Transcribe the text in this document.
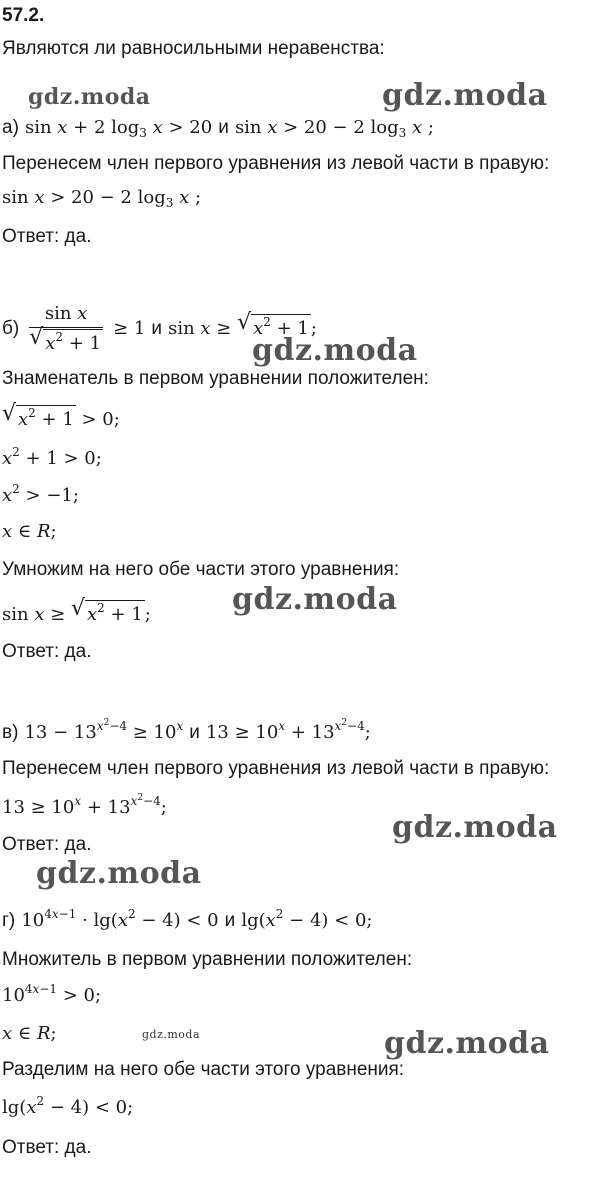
57.2.
Являются ли равносильными неравенства:
gdz.moda	gdz.moda
gdz.moda
gdz.moda
gdz.moda
gdz.moda
gdz.moda
gdz.moda
а) sin x + 2 $\log_3 x > 20$ и sin x > 20 − 2 $\log_3 x$ ;
Перенесем член первого уравнения из левой части в правую:
sin x > 20 − 2 $\log_3 x$ ;
Ответ: да.
$б) \frac{\text{sin x}}{√ x^2 + 1} \ge 1$ и sin x ≥ √ $x^2 + 1$ ;
Знаменатель в первом уравнении положителен:
√ $x^2 + 1 > 0$;
$x^2 + 1 > 0$;
$x^2 > -1$;
x ∈ R;
Умножим на него обе части этого уравнения:
sin x ≥ √ $x^2 + 1$ ;
Ответ: да.
в) $13 - 13^{x^2-4} \ge 10^x$ и $13 \ge 10^x + 13^{x^2-4}$;
Перенесем член первого уравнения из левой части в правую:
$13 \ge 10^x + 13^{x^2-4}$;
Ответ: да.
г) $10^{4x-1} \cdot \lg(x^2 - 4) < 0$ и $\lg(x^2 - 4) < 0$;
Множитель в первом уравнении положителен:
$10^{4x-1} > 0$;
x ∈ R;
Разделим на него обе части этого уравнения:
$\lg(x^2 - 4) < 0$;
Ответ: да.
